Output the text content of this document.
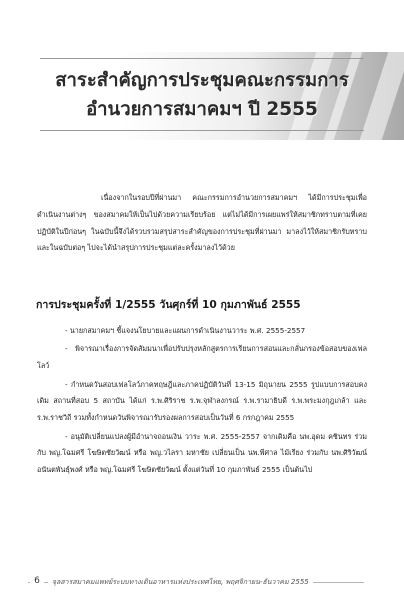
สาระสำคัญการประชุมคณะกรรมการ
อำนวยการสมาคมฯ ปี 2555

เนื่องจากในรอบปีที่ผ่านมา คณะกรรมการอำนวยการสมาคมฯ ได้มีการประชุมเพื่อดำเนินงานต่างๆ ของสมาคมให้เป็นไปด้วยความเรียบร้อย แต่ไม่ได้มีการเผยแพร่ให้สมาชิกทราบตามที่เคยปฏิบัติในปีก่อนๆ ในฉบับนี้จึงได้รวบรวมสรุปสาระสำคัญของการประชุมที่ผ่านมา มาลงไว้ให้สมาชิกรับทราบ และในฉบับต่อๆ ไปจะได้นำสรุปการประชุมแต่ละครั้งมาลงไว้ด้วย

การประชุมครั้งที่ 1/2555 วันศุกร์ที่ 10 กุมภาพันธ์ 2555
- นายกสมาคมฯ ชี้แจงนโยบายและแผนการดำเนินงานวาระ พ.ศ. 2555-2557
- พิจารณาเรื่องการจัดสัมมนาเพื่อปรับปรุงหลักสูตรการเรียนการสอนและกลั่นกรองข้อสอบของเฟลโลว์
- กำหนดวันสอบเฟลโลว์ภาคทฤษฎีและภาคปฏิบัติวันที่ 13-15 มิถุนายน 2555 รูปแบบการสอบคงเดิม สถานที่สอบ 5 สถาบัน ได้แก่ ร.พ.ศิริราช ร.พ.จุฬาลงกรณ์ ร.พ.รามาธิบดี ร.พ.พระมงกุฎเกล้า และ ร.พ.ราชวิถี รวมทั้งกำหนดวันพิจารณารับรองผลการสอบเป็นวันที่ 6 กรกฎาคม 2555
- อนุมัติเปลี่ยนแปลงผู้มีอำนาจถอนเงิน วาระ พ.ศ. 2555-2557 จากเดิมคือ นพ.อุดม คชินทร ร่วมกับ พญ.โฉมศรี โฆษิตชัยวัฒน์ หรือ พญ.วไลรา มหาชัย เปลี่ยนเป็น นพ.พีศาล ไม้เรียง ร่วมกับ นพ.ศิริวัฒน์ อนันตพันธุ์พงศ์ หรือ พญ.โฉมศรี โฆษิตชัยวัฒน์ ตั้งแต่วันที่ 10 กุมภาพันธ์ 2555 เป็นต้นไป
6	จุลสารสมาคมแพทย์ระบบทางเดินอาหารแห่งประเทศไทย, พฤศจิกายน-ธันวาคม 2555
